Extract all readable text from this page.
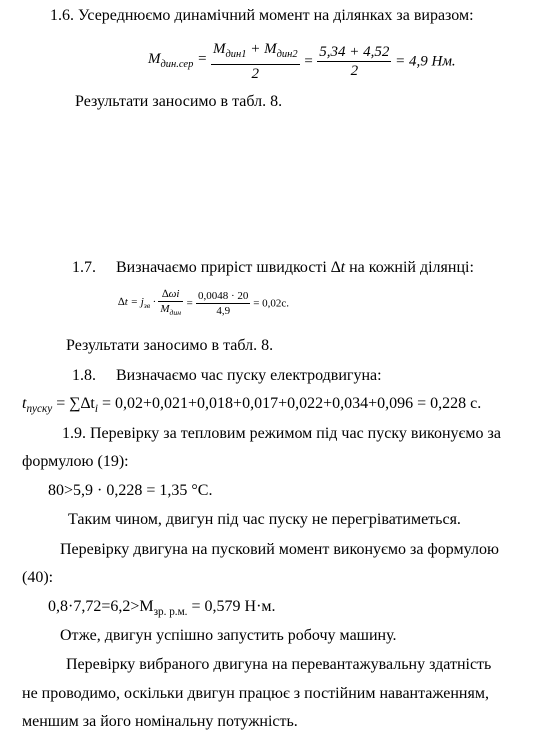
1.6. Усереднюємо динамічний момент на ділянках за виразом:
$M_{дин.сер} = \frac{M_{дин1} + M_{дин2}}{2} = \frac{5,34 + 4,52}{2} = 4,9$ Нм.
Результати заносимо в табл. 8.
1.7. Визначаємо приріст швидкості ∆t на кожній ділянці:
$\Delta t = j_{зв} \cdot \frac{\Delta\omega i}{M_{дин}} = \frac{0,0048 \cdot 20}{4,9} = 0,02с$.
Результати заносимо в табл. 8.
1.8. Визначаємо час пуску електродвигуна:
$t_{пуску} = \sum\Delta t_i = 0,02+0,021+0,018+0,017+0,022+0,034+0,096 = 0,228$ с.
1.9. Перевірку за тепловим режимом під час пуску виконуємо за
формулою (19):
80>5,9 · 0,228 = 1,35 °С.
Таким чином, двигун під час пуску не перегріватиметься.
Перевірку двигуна на пусковий момент виконуємо за формулою
(40):
$0,8\cdot 7,72=6,2>M_{зр. р.м.} = 0,579$ Н·м.
Отже, двигун успішно запустить робочу машину.
Перевірку вибраного двигуна на перевантажувальну здатність
не проводимо, оскільки двигун працює з постійним навантаженням,
меншим за його номінальну потужність.
